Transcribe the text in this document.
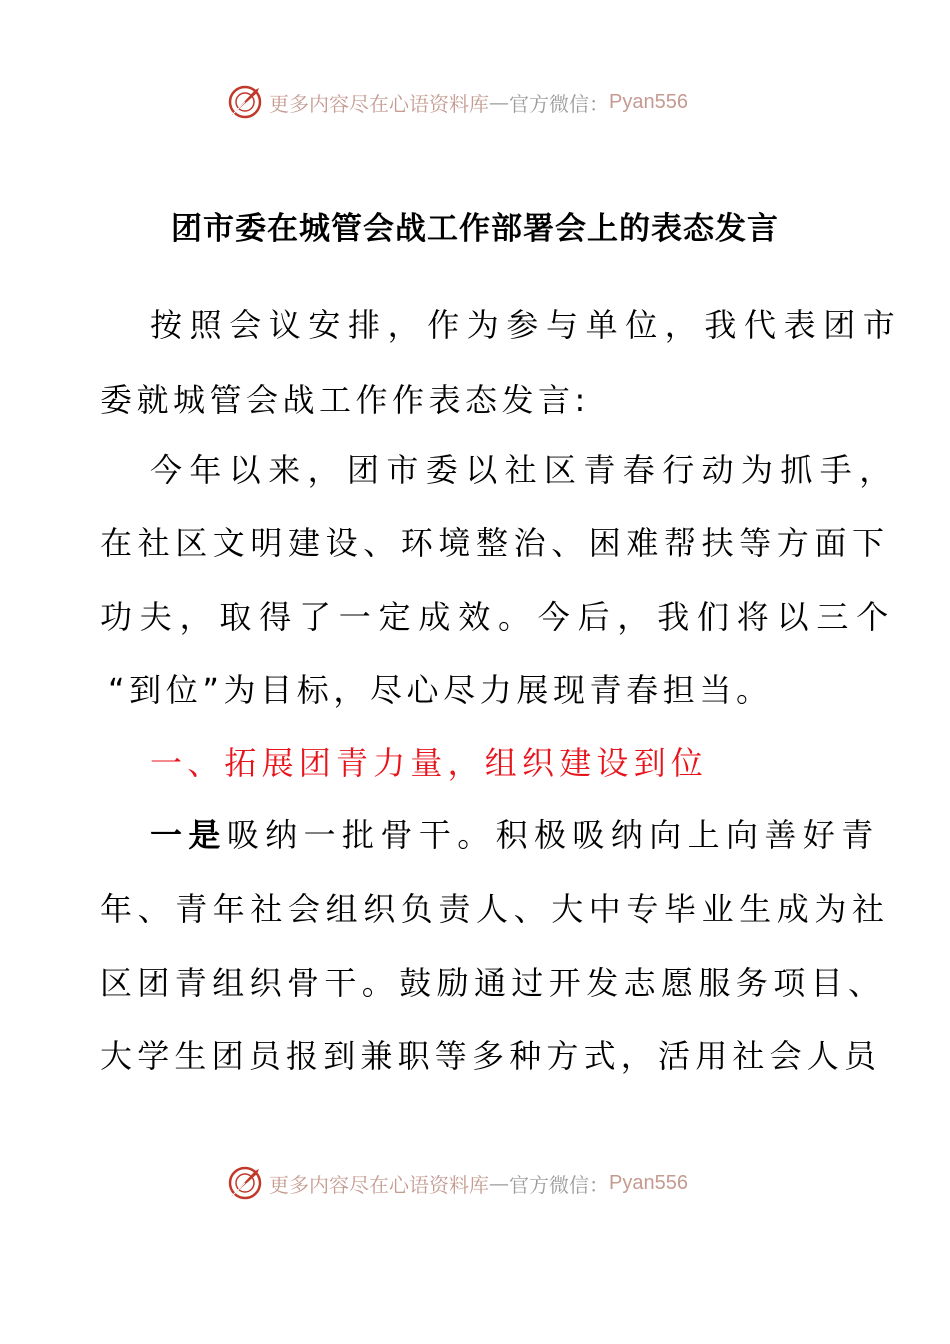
更多内容尽在心语资料库 — 官方微信： Pyan556
团市委在城管会战工作部署会上的表态发言
按照会议安排，作为参与单位，我代表团市
委就城管会战工作作表态发言:
今年以来，团市委以社区青春行动为抓手，
在社区文明建设、环境整治、困难帮扶等方面下
功夫，取得了一定成效。今后，我们将以三个
“到位”为目标，尽心尽力展现青春担当。
一、拓展团青力量，组织建设到位
一是吸纳一批骨干。积极吸纳向上向善好青
年、青年社会组织负责人、大中专毕业生成为社
区团青组织骨干。鼓励通过开发志愿服务项目、
大学生团员报到兼职等多种方式，活用社会人员
更多内容尽在心语资料库 — 官方微信： Pyan556
